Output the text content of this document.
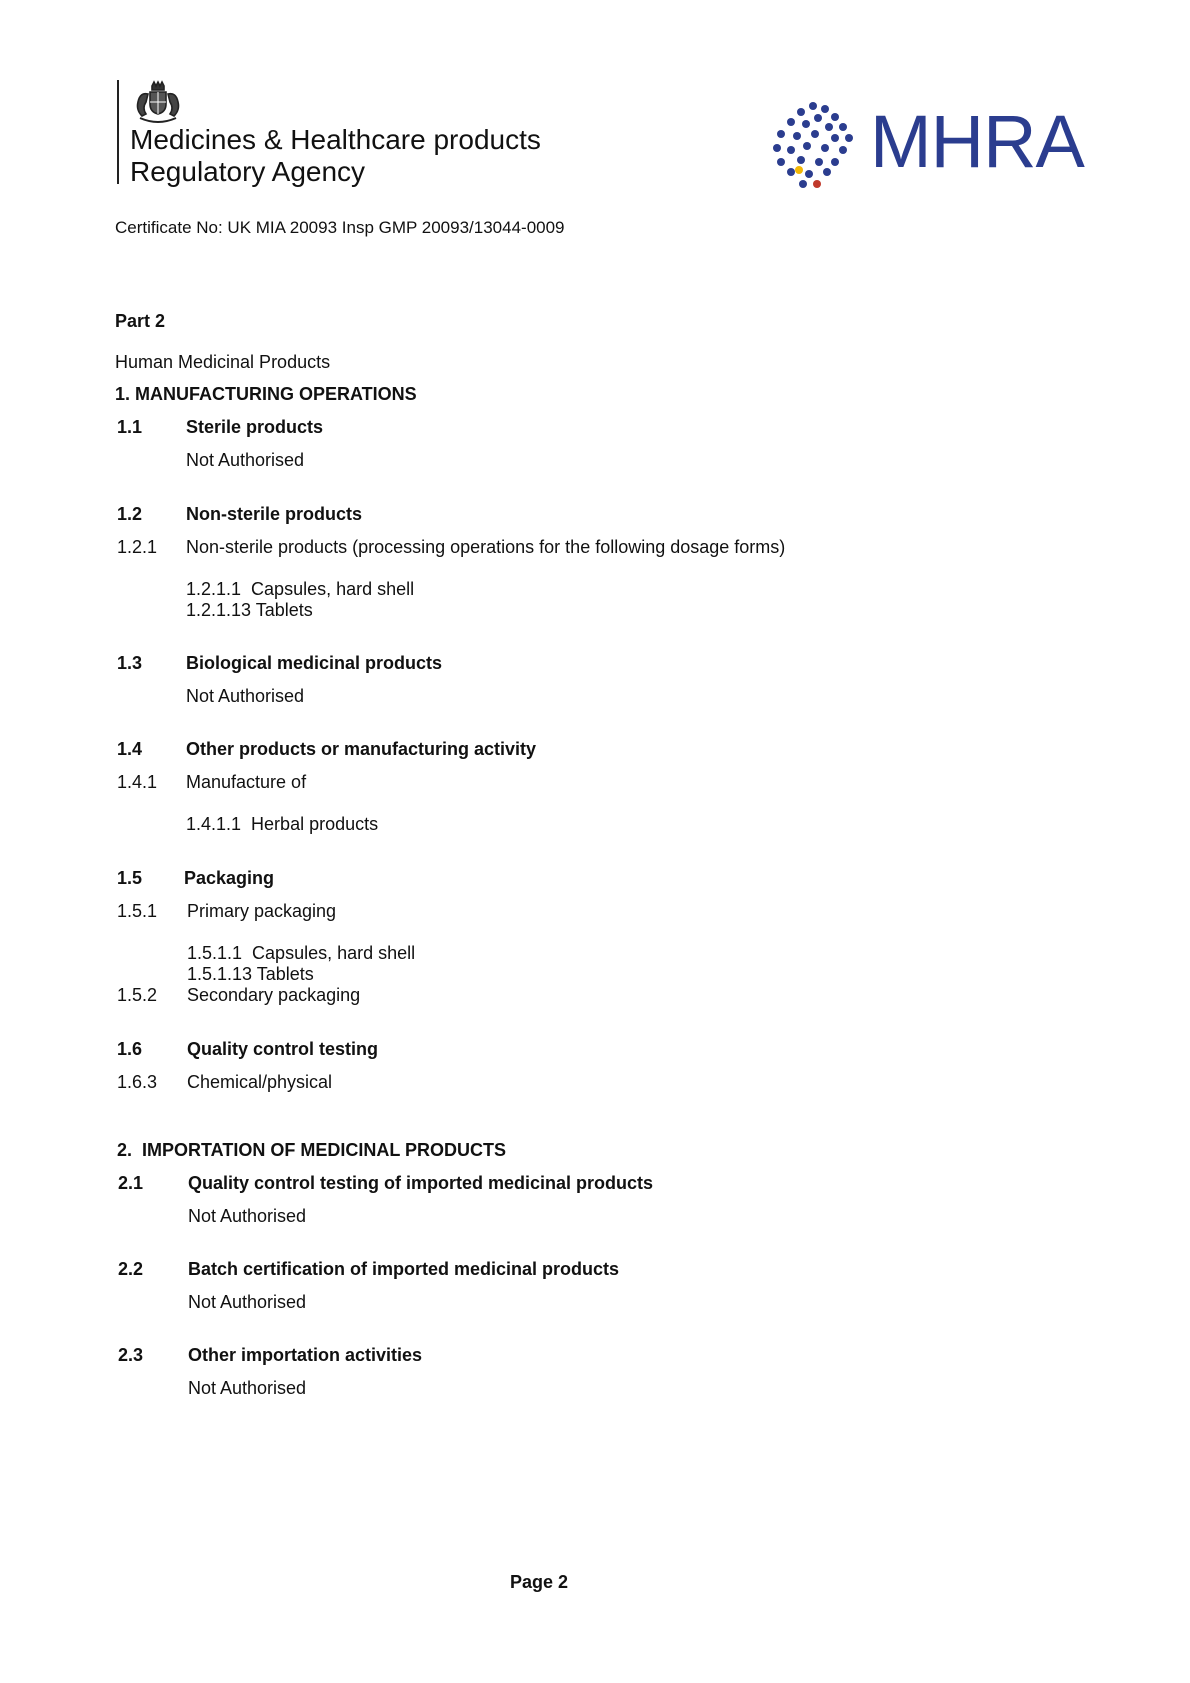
Medicines & Healthcare products
Regulatory Agency	MHRA
Certificate No: UK MIA 20093 Insp GMP 20093/13044-0009
Part 2
Human Medicinal Products
1. MANUFACTURING OPERATIONS
1.1 Sterile products
Not Authorised
1.2 Non-sterile products
1.2.1 Non-sterile products (processing operations for the following dosage forms)
1.2.1.1  Capsules, hard shell
1.2.1.13 Tablets
1.3 Biological medicinal products
Not Authorised
1.4 Other products or manufacturing activity
1.4.1 Manufacture of
1.4.1.1  Herbal products
1.5 Packaging
1.5.1 Primary packaging
1.5.1.1  Capsules, hard shell
1.5.1.13 Tablets
1.5.2 Secondary packaging
1.6 Quality control testing
1.6.3 Chemical/physical
2.  IMPORTATION OF MEDICINAL PRODUCTS
2.1 Quality control testing of imported medicinal products
Not Authorised
2.2 Batch certification of imported medicinal products
Not Authorised
2.3 Other importation activities
Not Authorised
Page 2
